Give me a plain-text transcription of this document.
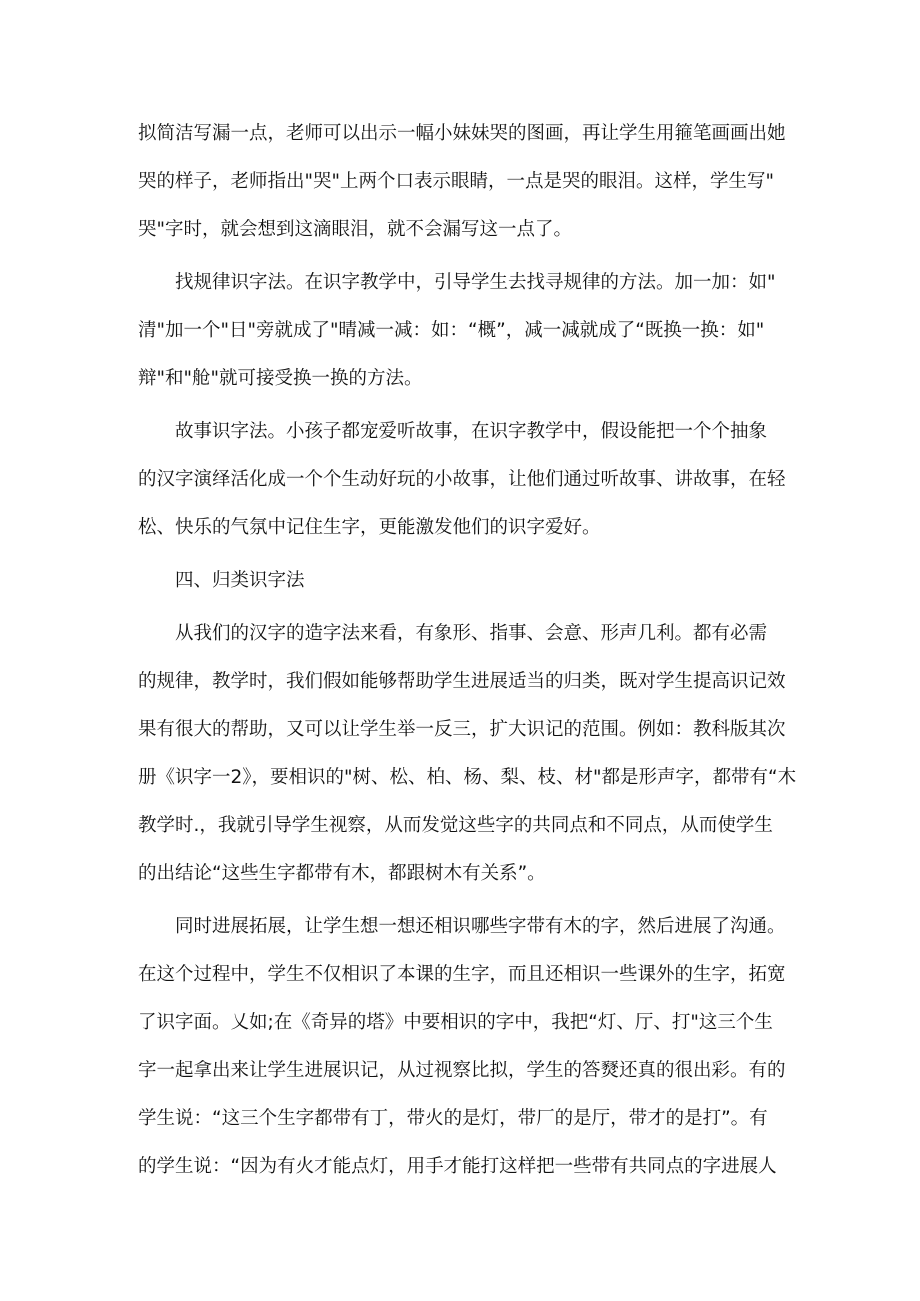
拟简洁写漏一点，老师可以出示一幅小妹妹哭的图画，再让学生用箍笔画画出她
哭的样子，老师指出"哭"上两个口表示眼睛，一点是哭的眼泪。这样，学生写"
哭"字时，就会想到这滴眼泪，就不会漏写这一点了。

找规律识字法。在识字教学中，引导学生去找寻规律的方法。加一加：如"
清"加一个"日"旁就成了"晴减一减：如：“概”，减一减就成了“既换一换：如"
辩"和"舱"就可接受换一换的方法。

故事识字法。小孩子都宠爱听故事，在识字教学中，假设能把一个个抽象
的汉字演绎活化成一个个生动好玩的小故事，让他们通过听故事、讲故事，在轻
松、快乐的气氛中记住生字，更能激发他们的识字爱好。

四、归类识字法

从我们的汉字的造字法来看，有象形、指事、会意、形声几利。都有必需
的规律，教学时，我们假如能够帮助学生进展适当的归类，既对学生提高识记效
果有很大的帮助，又可以让学生举一反三，扩大识记的范围。例如：教科版其次
册《识字一2》，要相识的"树、松、柏、杨、梨、枝、材"都是形声字，都带有“木
教学时.，我就引导学生视察，从而发觉这些字的共同点和不同点，从而使学生
的出结论“这些生字都带有木，都跟树木有关系”。

同时进展拓展，让学生想一想还相识哪些字带有木的字，然后进展了沟通。
在这个过程中，学生不仅相识了本课的生字，而且还相识一些课外的生字，拓宽
了识字面。乂如;在《奇异的塔》中要相识的字中，我把“灯、厅、打"这三个生
字一起拿出来让学生进展识记，从过视察比拟，学生的答燹还真的很出彩。有的
学生说：“这三个生字都带有丁，带火的是灯，带厂的是厅，带才的是打”。有
的学生说：“因为有火才能点灯，用手才能打这样把一些带有共同点的字进展人
